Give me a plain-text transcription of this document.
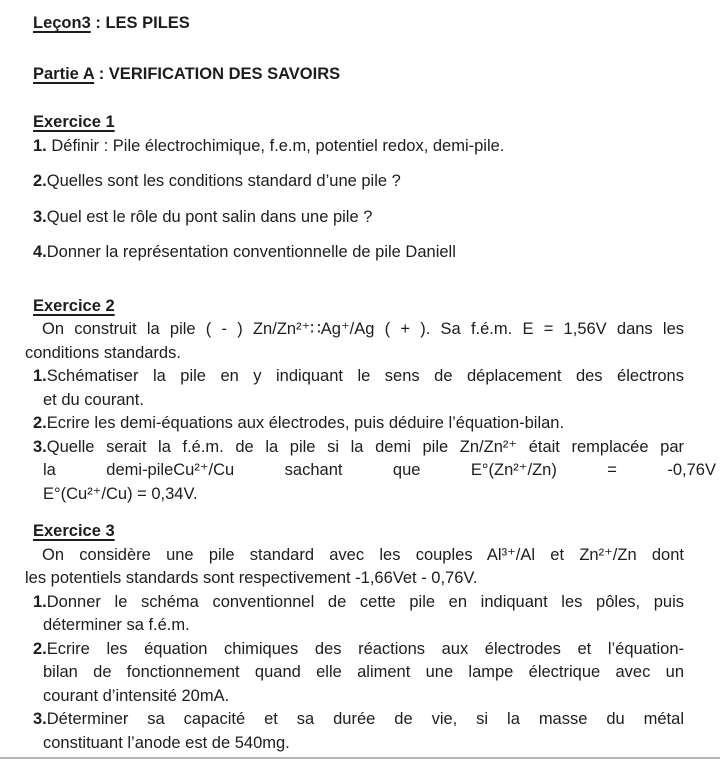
Leçon3 : LES PILES
Partie A : VERIFICATION DES SAVOIRS
Exercice 1
1. Définir : Pile électrochimique, f.e.m, potentiel redox, demi-pile.
2.Quelles sont les conditions standard d’une pile ?
3.Quel est le rôle du pont salin dans une pile ?
4.Donner la représentation conventionnelle de pile Daniell
Exercice 2
On construit la pile ( - ) Zn/Zn²⁺∷Ag⁺/Ag ( + ). Sa f.é.m. E = 1,56V dans les
conditions standards.
1.Schématiser la pile en y indiquant le sens de déplacement des électrons
et du courant.
2.Ecrire les demi-équations aux électrodes, puis déduire l’équation-bilan.
3.Quelle serait la f.é.m. de la pile si la demi pile Zn/Zn²⁺ était remplacée par
la demi-pileCu²⁺/Cu sachant que E°(Zn²⁺/Zn) = -0,76V
E°(Cu²⁺/Cu) = 0,34V.
Exercice 3
On considère une pile standard avec les couples Al³⁺/Al et Zn²⁺/Zn dont
les potentiels standards sont respectivement -1,66Vet - 0,76V.
1.Donner le schéma conventionnel de cette pile en indiquant les pôles, puis
déterminer sa f.é.m.
2.Ecrire les équation chimiques des réactions aux électrodes et l’équation-
bilan de fonctionnement quand elle aliment une lampe électrique avec un
courant d’intensité 20mA.
3.Déterminer sa capacité et sa durée de vie, si la masse du métal
constituant l’anode est de 540mg.
